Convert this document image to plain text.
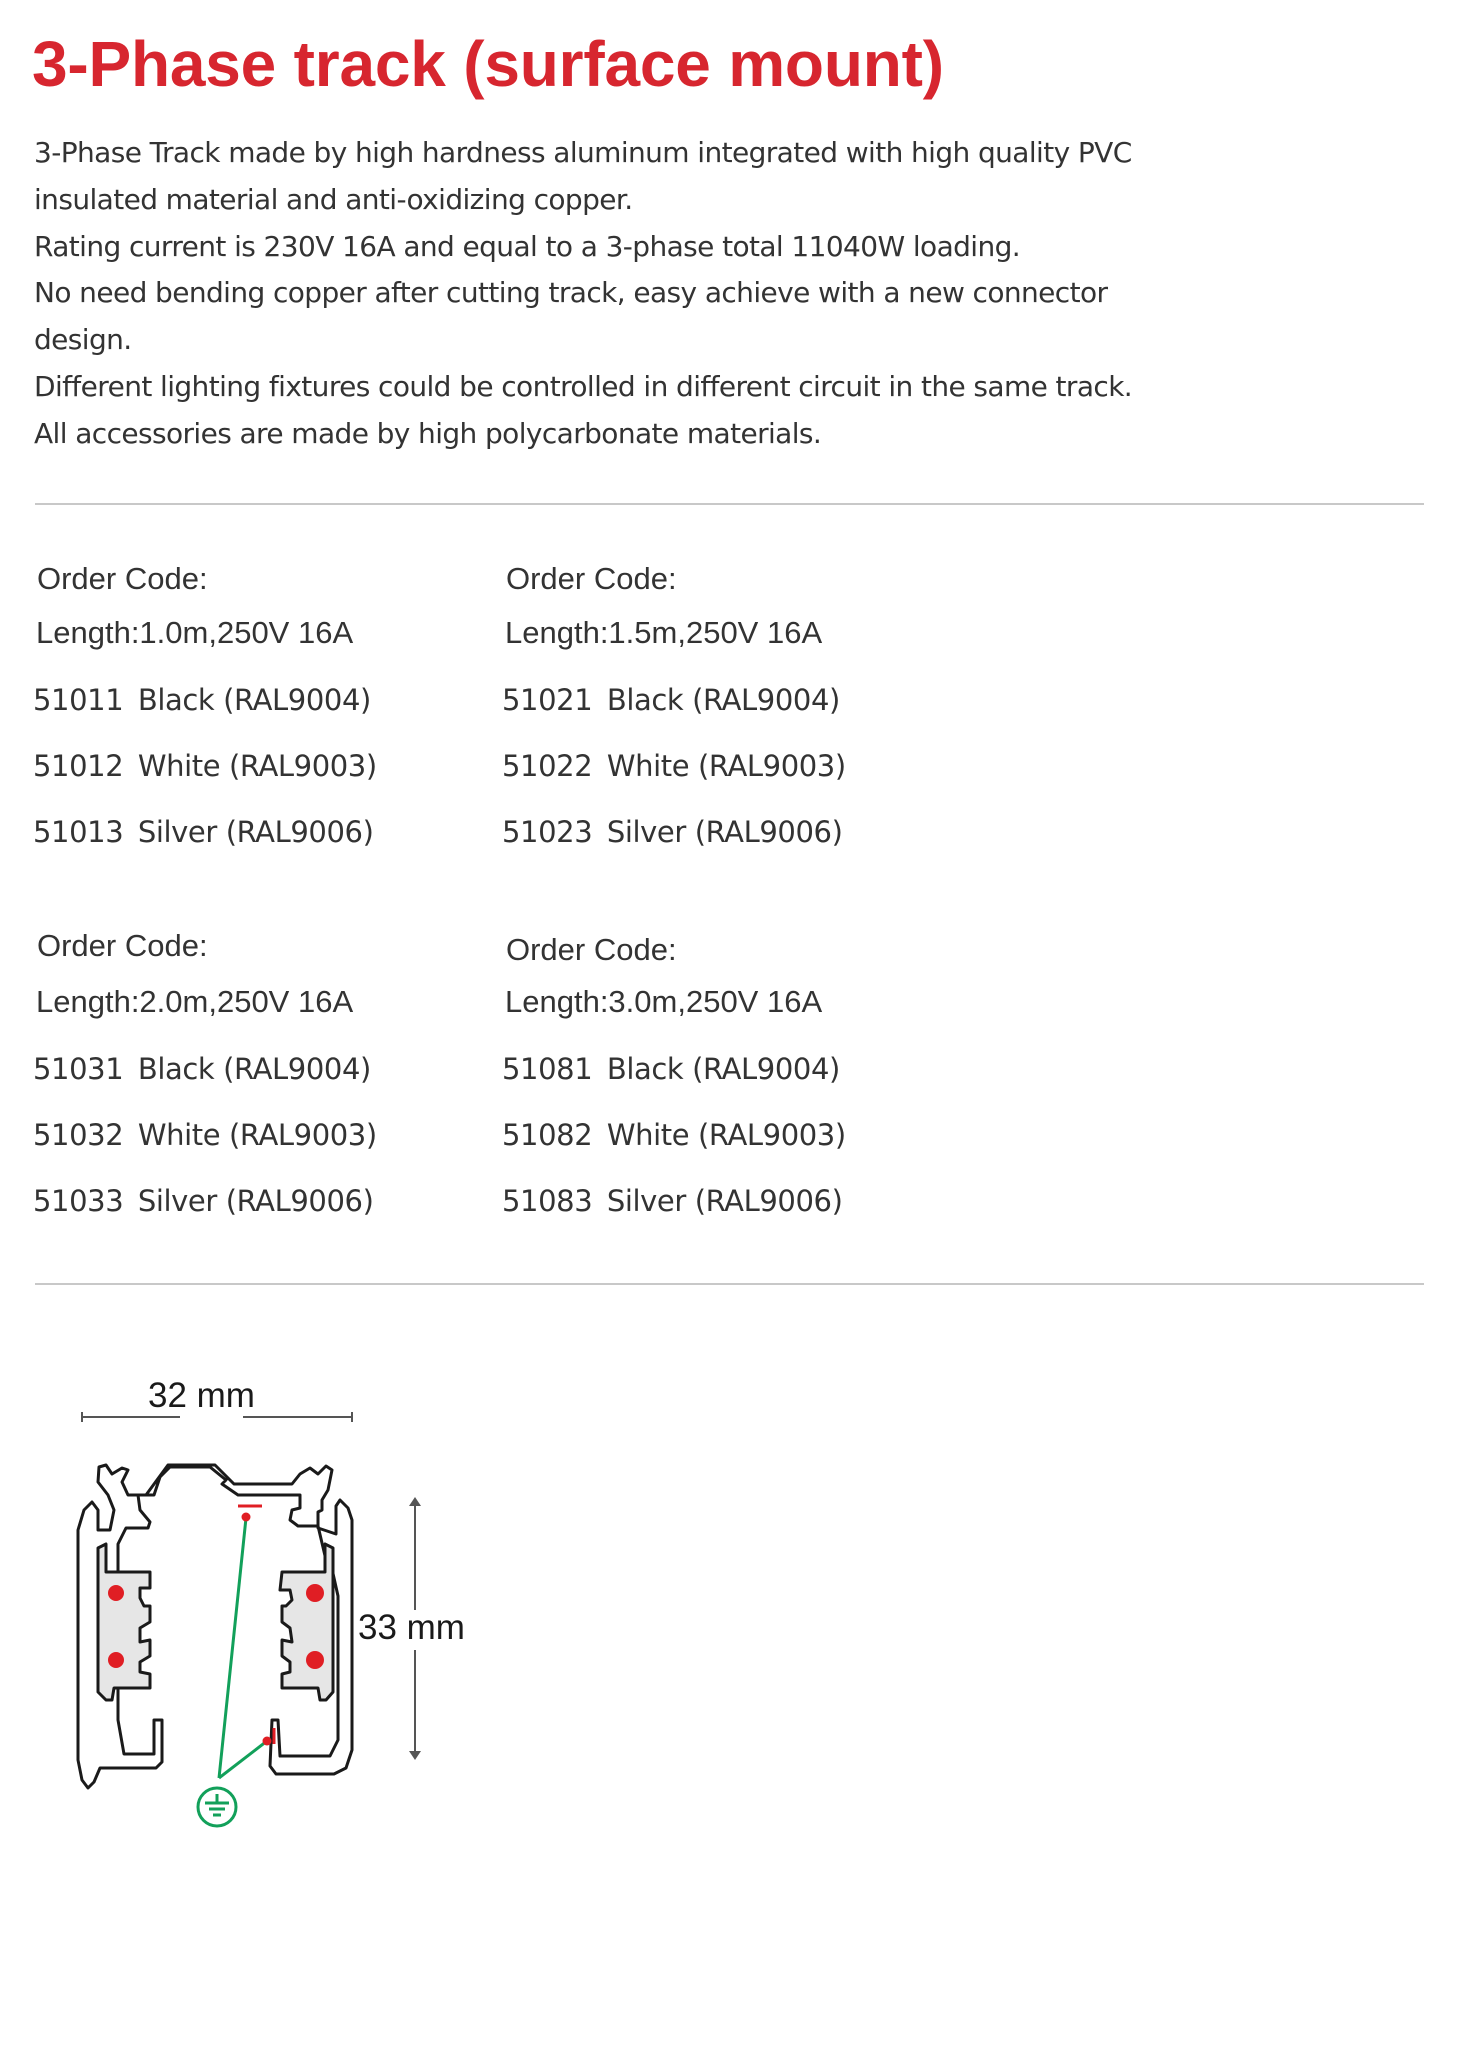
3-Phase track (surface mount)
3-Phase Track made by high hardness aluminum integrated with high quality PVC
insulated material and anti-oxidizing copper.
Rating current is 230V 16A and equal to a 3-phase total 11040W loading.
No need bending copper after cutting track, easy achieve with a new connector
design.
Different lighting fixtures could be controlled in different circuit in the same track.
All accessories are made by high polycarbonate materials.
Order Code:
Length:1.0m,250V 16A
51011 Black (RAL9004)
51012 White (RAL9003)
51013 Silver (RAL9006)
Order Code:
Length:1.5m,250V 16A
51021 Black (RAL9004)
51022 White (RAL9003)
51023 Silver (RAL9006)
Order Code:
Length:2.0m,250V 16A
51031 Black (RAL9004)
51032 White (RAL9003)
51033 Silver (RAL9006)
Order Code:
Length:3.0m,250V 16A
51081 Black (RAL9004)
51082 White (RAL9003)
51083 Silver (RAL9006)
32 mm
33 mm
